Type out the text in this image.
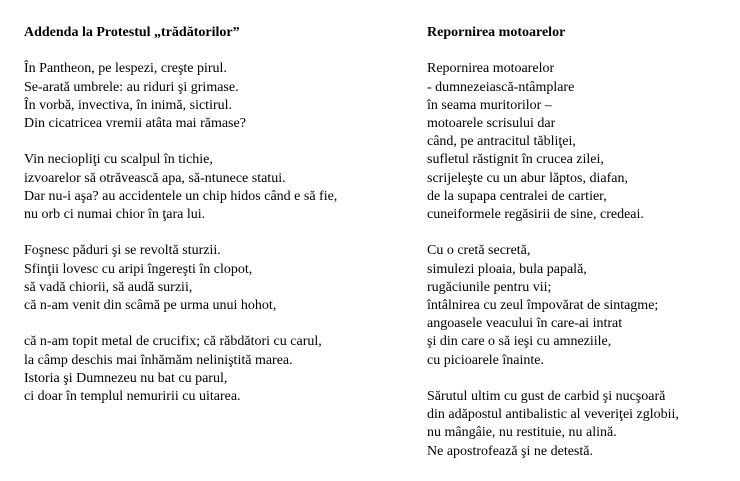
Addenda la Protestul „trădătorilor”
În Pantheon, pe lespezi, creşte pirul.
Se-arată umbrele: au riduri şi grimase.
În vorbă, invectiva, în inimă, sictirul.
Din cicatricea vremii atâta mai rămase?
Vin neciopliţi cu scalpul în tichie,
izvoarelor să otrăvească apa, să-ntunece statui.
Dar nu-i aşa? au accidentele un chip hidos când e să fie,
nu orb ci numai chior în ţara lui.
Foşnesc păduri şi se revoltă sturzii.
Sfinţii lovesc cu aripi îngereşti în clopot,
să vadă chiorii, să audă surzii,
că n-am venit din scâmă pe urma unui hohot,
că n-am topit metal de crucifix; că răbdători cu carul,
la câmp deschis mai înhămăm neliniştită marea.
Istoria şi Dumnezeu nu bat cu parul,
ci doar în templul nemuririi cu uitarea.
Repornirea motoarelor
Repornirea motoarelor
- dumnezeiască-ntâmplare
în seama muritorilor –
motoarele scrisului dar
când, pe antracitul tăbliţei,
sufletul răstignit în crucea zilei,
scrijeleşte cu un abur lăptos, diafan,
de la supapa centralei de cartier,
cuneiformele regăsirii de sine, credeai.
Cu o cretă secretă,
simulezi ploaia, bula papală,
rugăciunile pentru vii;
întâlnirea cu zeul împovărat de sintagme;
angoasele veacului în care-ai intrat
şi din care o să ieşi cu amneziile,
cu picioarele înainte.
Sărutul ultim cu gust de carbid şi nucşoară
din adăpostul antibalistic al veveriţei zglobii,
nu mângâie, nu restituie, nu alină.
Ne apostrofează şi ne detestă.
